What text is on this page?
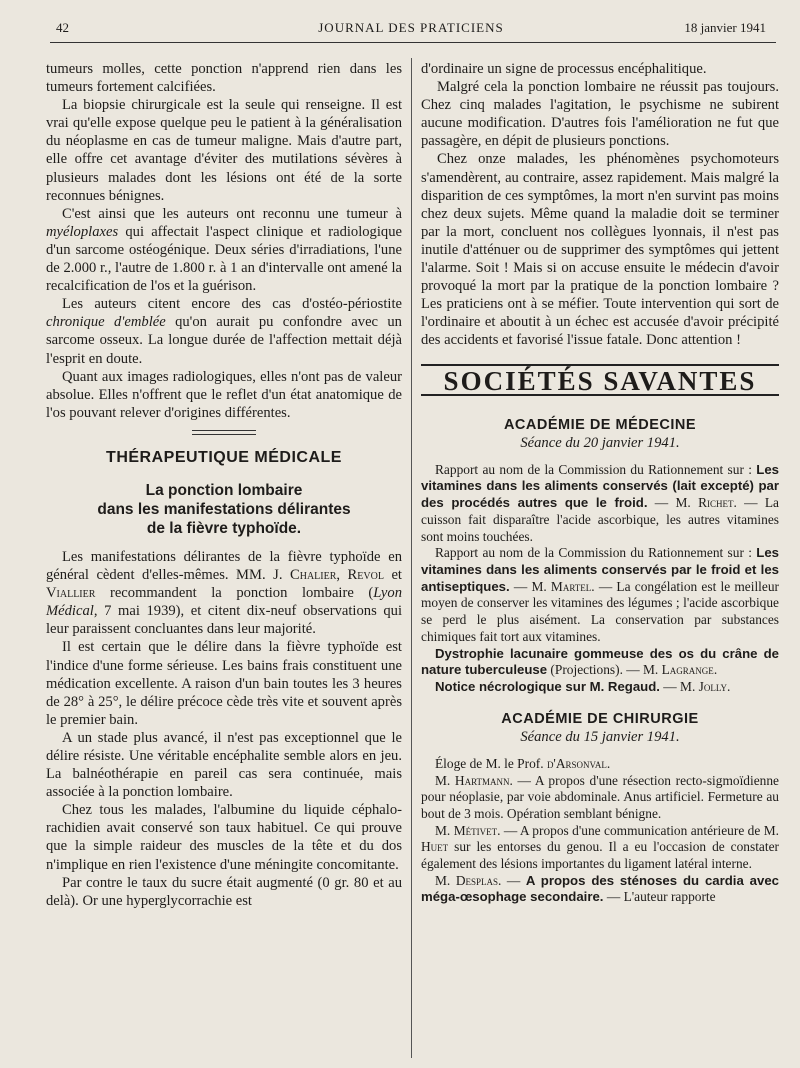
42	JOURNAL DES PRATICIENS	18 janvier 1941

tumeurs molles, cette ponction n'apprend rien dans les tumeurs fortement calcifiées.

La biopsie chirurgicale est la seule qui renseigne. Il est vrai qu'elle expose quelque peu le patient à la généralisation du néoplasme en cas de tumeur maligne. Mais d'autre part, elle offre cet avantage d'éviter des mutilations sévères à plusieurs malades dont les lésions ont été de la sorte reconnues bénignes.

C'est ainsi que les auteurs ont reconnu une tumeur à myéloplaxes qui affectait l'aspect clinique et radiologique d'un sarcome ostéogénique. Deux séries d'irradiations, l'une de 2.000 r., l'autre de 1.800 r. à 1 an d'intervalle ont amené la recalcification de l'os et la guérison.

Les auteurs citent encore des cas d'ostéo-périostite chronique d'emblée qu'on aurait pu confondre avec un sarcome osseux. La longue durée de l'affection mettait déjà l'esprit en doute.

Quant aux images radiologiques, elles n'ont pas de valeur absolue. Elles n'offrent que le reflet d'un état anatomique de l'os pouvant relever d'origines différentes.

THÉRAPEUTIQUE MÉDICALE
La ponction lombaire
dans les manifestations délirantes
de la fièvre typhoïde.

Les manifestations délirantes de la fièvre typhoïde en général cèdent d'elles-mêmes. MM. J. Chalier, Revol et Viallier recommandent la ponction lombaire (Lyon Médical, 7 mai 1939), et citent dix-neuf observations qui leur paraissent concluantes dans leur majorité.

Il est certain que le délire dans la fièvre typhoïde est l'indice d'une forme sérieuse. Les bains frais constituent une médication excellente. A raison d'un bain toutes les 3 heures de 28° à 25°, le délire précoce cède très vite et souvent après le premier bain.

A un stade plus avancé, il n'est pas exceptionnel que le délire résiste. Une véritable encéphalite semble alors en jeu. La balnéothérapie en pareil cas sera continuée, mais associée à la ponction lombaire.

Chez tous les malades, l'albumine du liquide céphalo-rachidien avait conservé son taux habituel. Ce qui prouve que la simple raideur des muscles de la tête et du dos n'implique en rien l'existence d'une méningite concomitante.

Par contre le taux du sucre était augmenté (0 gr. 80 et au delà). Or une hyperglycorrachie est

d'ordinaire un signe de processus encéphalitique.

Malgré cela la ponction lombaire ne réussit pas toujours. Chez cinq malades l'agitation, le psychisme ne subirent aucune modification. D'autres fois l'amélioration ne fut que passagère, en dépit de plusieurs ponctions.

Chez onze malades, les phénomènes psychomoteurs s'amendèrent, au contraire, assez rapidement. Mais malgré la disparition de ces symptômes, la mort n'en survint pas moins chez deux sujets. Même quand la maladie doit se terminer par la mort, concluent nos collègues lyonnais, il n'est pas inutile d'atténuer ou de supprimer des symptômes qui jettent l'alarme. Soit ! Mais si on accuse ensuite le médecin d'avoir provoqué la mort par la pratique de la ponction lombaire ? Les praticiens ont à se méfier. Toute intervention qui sort de l'ordinaire et aboutit à un échec est accusée d'avoir précipité des accidents et favorisé l'issue fatale. Donc attention !

SOCIÉTÉS SAVANTES
ACADÉMIE DE MÉDECINE
Séance du 20 janvier 1941.

Rapport au nom de la Commission du Rationnement sur : Les vitamines dans les aliments conservés (lait excepté) par des procédés autres que le froid. — M. Richet. — La cuisson fait disparaître l'acide ascorbique, les autres vitamines sont moins touchées.

Rapport au nom de la Commission du Rationnement sur : Les vitamines dans les aliments conservés par le froid et les antiseptiques. — M. Martel. — La congélation est le meilleur moyen de conserver les vitamines des légumes ; l'acide ascorbique se perd le plus aisément. La conservation par substances chimiques fait tort aux vitamines.

Dystrophie lacunaire gommeuse des os du crâne de nature tuberculeuse (Projections). — M. Lagrange.

Notice nécrologique sur M. Regaud. — M. Jolly.

ACADÉMIE DE CHIRURGIE
Séance du 15 janvier 1941.

Éloge de M. le Prof. d'Arsonval.

M. Hartmann. — A propos d'une résection recto-sigmoïdienne pour néoplasie, par voie abdominale. Anus artificiel. Fermeture au bout de 3 mois. Opération semblant bénigne.

M. Métivet. — A propos d'une communication antérieure de M. Huet sur les entorses du genou. Il a eu l'occasion de constater également des lésions importantes du ligament latéral interne.

M. Desplas. — A propos des sténoses du cardia avec méga-œsophage secondaire. — L'auteur rapporte
